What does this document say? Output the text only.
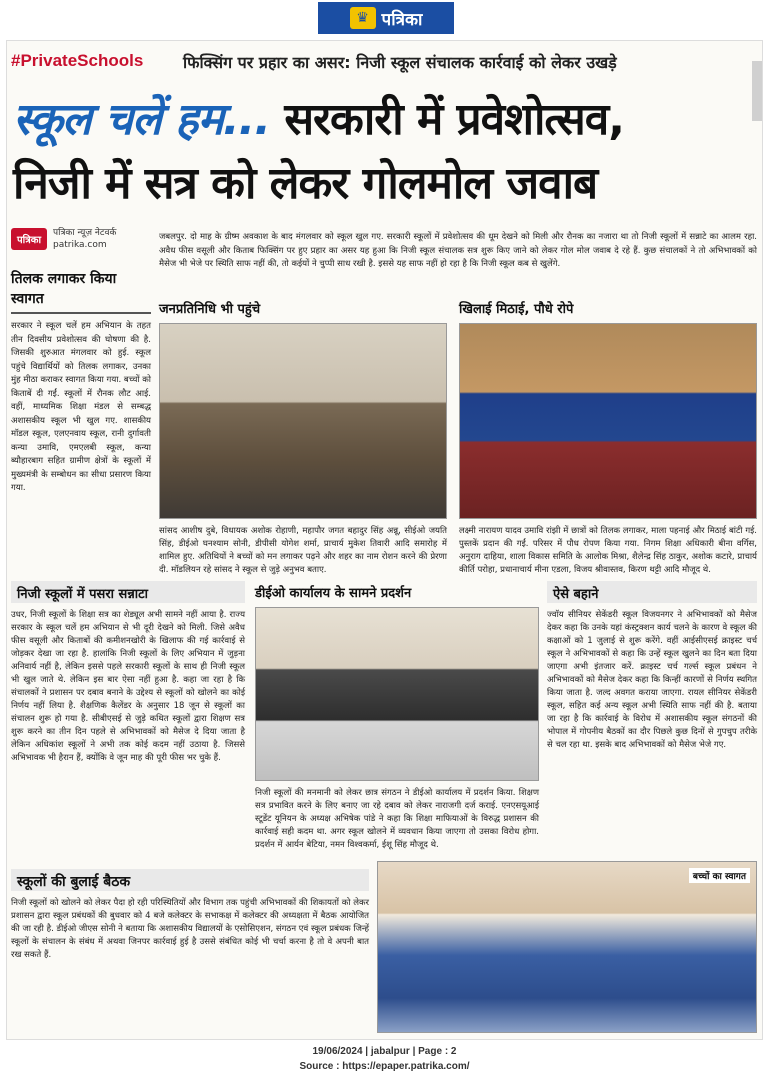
♛ पत्रिका
#PrivateSchools फिक्सिंग पर प्रहार का असर: निजी स्कूल संचालक कार्रवाई को लेकर उखड़े
स्कूल चलें हम... सरकारी में प्रवेशोत्सव,
निजी में सत्र को लेकर गोलमोल जवाब
पत्रिका
पत्रिका न्यूज़ नेटवर्क
patrika.com
तिलक लगाकर किया स्वागत

सरकार ने स्कूल चलें हम अभियान के तहत तीन दिवसीय प्रवेशोत्सव की घोषणा की है. जिसकी शुरुआत मंगलवार को हुई. स्कूल पहुंचे विद्यार्थियों को तिलक लगाकर, उनका मुंह मीठा कराकर स्वागत किया गया. बच्चों को किताबें दी गईं. स्कूलों में रौनक लौट आई. वहीं, माध्यमिक शिक्षा मंडल से सम्बद्ध अशासकीय स्कूल भी खुल गए. शासकीय मॉडल स्कूल, एलएनवाय स्कूल, रानी दुर्गावती कन्या उमावि, एमएलबी स्कूल, कन्या ब्यौहारबाग सहित ग्रामीण क्षेत्रों के स्कूलों में मुख्यमंत्री के सम्बोधन का सीधा प्रसारण किया गया.

जबलपुर. दो माह के ग्रीष्म अवकाश के बाद मंगलवार को स्कूल खुल गए. सरकारी स्कूलों में प्रवेशोत्सव की धूम देखने को मिली और रौनक का नजारा था तो निजी स्कूलों में सन्नाटे का आलम रहा. अवैध फीस वसूली और किताब फिक्सिंग पर हुए प्रहार का असर यह हुआ कि निजी स्कूल संचालक सत्र शुरू किए जाने को लेकर गोल मोल जवाब दे रहे हैं. कुछ संचालकों ने तो अभिभावकों को मैसेज भी भेजे पर स्थिति साफ नहीं की, तो कईयों ने चुप्पी साध रखी है. इससे यह साफ नहीं हो रहा है कि निजी स्कूल कब से खुलेंगे.
जनप्रतिनिधि भी पहुंचे
सांसद आशीष दुबे, विधायक अशोक रोहाणी, महापौर जगत बहादुर सिंह अन्नू, सीईओ जयति सिंह, डीईओ घनश्याम सोनी, डीपीसी योगेश शर्मा, प्राचार्य मुकेश तिवारी आदि समारोह में शामिल हुए. अतिथियों ने बच्चों को मन लगाकर पढ़ने और शहर का नाम रोशन करने की प्रेरणा दी. मॉडलियन रहे सांसद ने स्कूल से जुड़े अनुभव बताए.
खिलाई मिठाई, पौधे रोपे
लक्ष्मी नारायण यादव उमावि रांझी में छात्रों को तिलक लगाकर, माला पहनाई और मिठाई बांटी गई. पुस्तकें प्रदान की गईं. परिसर में पौध रोपण किया गया. निगम शिक्षा अधिकारी बीना वर्गिस, अनुराग दाहिया, शाला विकास समिति के आलोक मिश्रा, शैलेन्द्र सिंह ठाकुर, अशोक कटारे, प्राचार्य कीर्ति परोहा, प्रधानाचार्य मीना एडला, विजय श्रीवास्तव, किरण थट्टी आदि मौजूद थे.
निजी स्कूलों में पसरा सन्नाटा
उधर, निजी स्कूलों के शिक्षा सत्र का शेड्यूल अभी सामने नहीं आया है. राज्य सरकार के स्कूल चलें हम अभियान से भी दूरी देखने को मिली. जिसे अवैध फीस वसूली और किताबों की कमीशनखोरी के खिलाफ की गई कार्रवाई से जोड़कर देखा जा रहा है. हालांकि निजी स्कूलों के लिए अभियान में जुड़ना अनिवार्य नहीं है, लेकिन इससे पहले सरकारी स्कूलों के साथ ही निजी स्कूल भी खुल जाते थे. लेकिन इस बार ऐसा नहीं हुआ है. कहा जा रहा है कि संचालकों ने प्रशासन पर दबाव बनाने के उद्देश्य से स्कूलों को खोलने का कोई निर्णय नहीं लिया है. शैक्षणिक कैलेंडर के अनुसार 18 जून से स्कूलों का संचालन शुरू हो गया है. सीबीएसई से जुड़े कथित स्कूलों द्वारा शिक्षण सत्र शुरू करने का तीन दिन पहले से अभिभावकों को मैसेज दे दिया जाता है लेकिन अधिकांश स्कूलों ने अभी तक कोई कदम नहीं उठाया है. जिससे अभिभावक भी हैरान हैं, क्योंकि वे जून माह की पूरी फीस भर चुके हैं.
डीईओ कार्यालय के सामने प्रदर्शन
निजी स्कूलों की मनमानी को लेकर छात्र संगठन ने डीईओ कार्यालय में प्रदर्शन किया. शिक्षण सत्र प्रभावित करने के लिए बनाए जा रहे दबाव को लेकर नाराजगी दर्ज कराई. एनएसयूआई स्टूडेंट यूनियन के अध्यक्ष अभिषेक पांडे ने कहा कि शिक्षा माफियाओं के विरुद्ध प्रशासन की कार्रवाई सही कदम था. अगर स्कूल खोलने में व्यवधान किया जाएगा तो उसका विरोध होगा. प्रदर्शन में आर्यन बेटिया, नमन विश्वकर्मा, ईशू सिंह मौजूद थे.
ऐसे बहाने
ज्वॉय सीनियर सेकेंडरी स्कूल विजयनगर ने अभिभावकों को मैसेज देकर कहा कि उनके यहां कंस्ट्रक्शन कार्य चलने के कारण वे स्कूल की कक्षाओं को 1 जुलाई से शुरू करेंगे. वहीं आईसीएसई क्राइस्ट चर्च स्कूल ने अभिभावकों से कहा कि उन्हें स्कूल खुलने का दिन बता दिया जाएगा अभी इंतजार करें. क्राइस्ट चर्च गर्ल्स स्कूल प्रबंधन ने अभिभावकों को मैसेज देकर कहा कि किन्हीं कारणों से निर्णय स्थगित किया जाता है. जल्द अवगत कराया जाएगा. रायल सीनियर सेकेंडरी स्कूल, सहित कई अन्य स्कूल अभी स्थिति साफ नहीं की है. बताया जा रहा है कि कार्रवाई के विरोध में अशासकीय स्कूल संगठनों की भोपाल में गोपनीय बैठकों का दौर पिछले कुछ दिनों से गुपचुप तरीके से चल रहा था. इसके बाद अभिभावकों को मैसेज भेजे गए.
स्कूलों की बुलाई बैठक
निजी स्कूलों को खोलने को लेकर पैदा हो रही परिस्थितियों और विभाग तक पहुंची अभिभावकों की शिकायतों को लेकर प्रशासन द्वारा स्कूल प्रबंधकों की बुधवार को 4 बजे कलेक्टर के सभाकक्ष में कलेक्टर की अध्यक्षता में बैठक आयोजित की जा रही है. डीईओ जीएस सोनी ने बताया कि अशासकीय विद्यालयों के एसोसिएशन, संगठन एवं स्कूल प्रबंधक जिन्हें स्कूलों के संचालन के संबंध में अथवा जिनपर कार्रवाई हुई है उससे संबंधित कोई भी चर्चा करना है तो वे अपनी बात रख सकते हैं.
बच्चों का स्वागत
19/06/2024 | jabalpur | Page : 2
Source : https://epaper.patrika.com/
